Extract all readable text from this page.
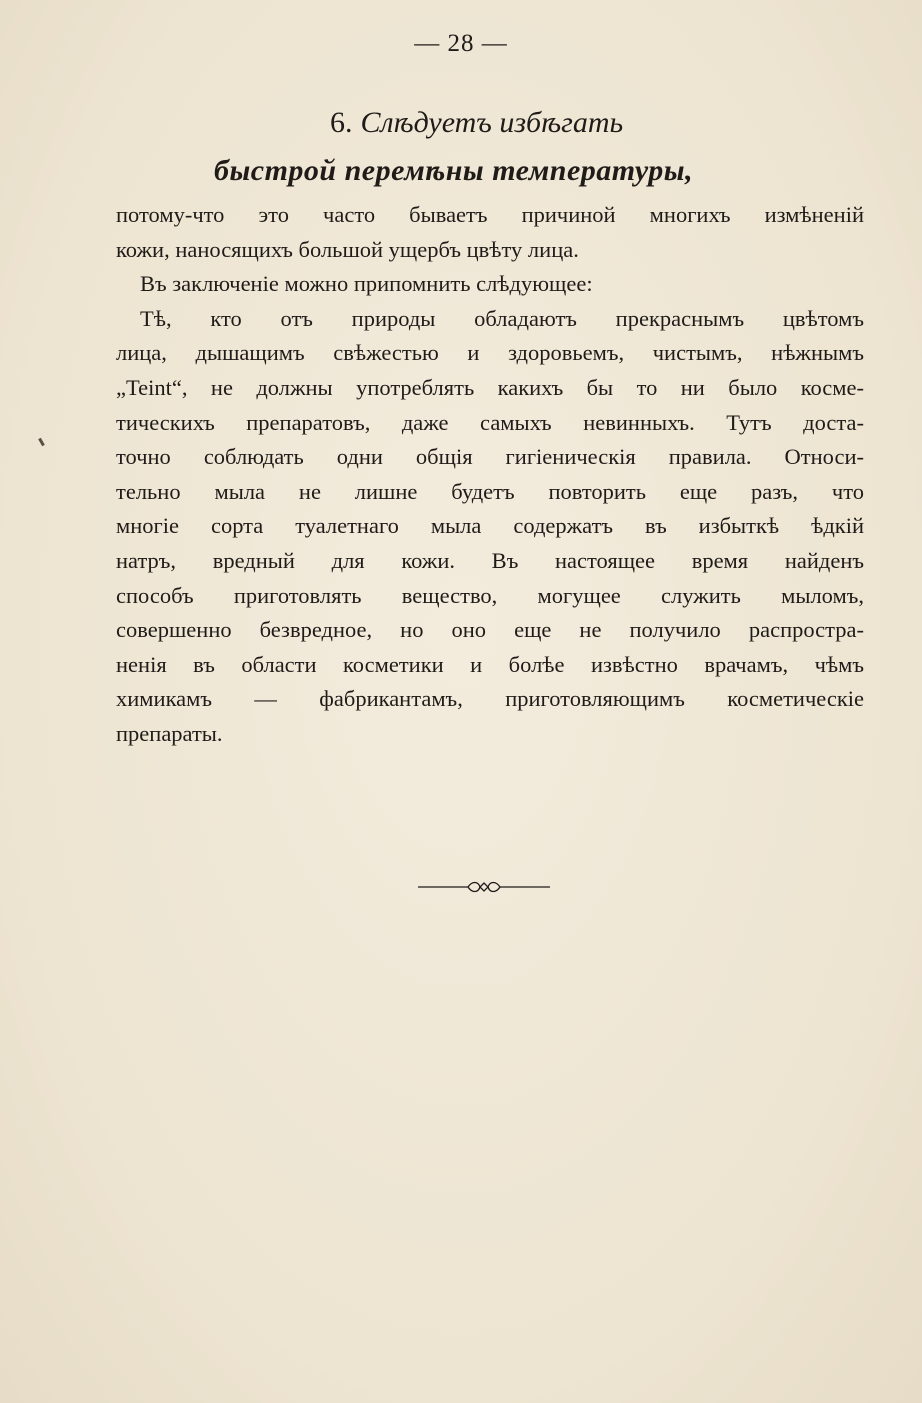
— 28 —
6. Слѣдуетъ избѣгать
быстрой перемѣны температуры,
потому-что это часто бываетъ причиной многихъ измѣненій
кожи, наносящихъ большой ущербъ цвѣту лица.
Въ заключеніе можно припомнить слѣдующее:
Тѣ, кто отъ природы обладаютъ прекраснымъ цвѣтомъ
лица, дышащимъ свѣжестью и здоровьемъ, чистымъ, нѣжнымъ
„Teint“, не должны употреблять какихъ бы то ни было космe-
тическихъ препаратовъ, даже самыхъ невинныхъ. Тутъ доста-
точно соблюдать одни общія гигіеническія правила. Относи-
тельно мыла не лишне будетъ повторить еще разъ, что
многіе сорта туалетнаго мыла содержатъ въ избыткѣ ѣдкій
натръ, вредный для кожи. Въ настоящее время найденъ
способъ приготовлять вещество, могущее служить мыломъ,
совершенно безвредное, но оно еще не получило распростра-
ненія въ области косметики и болѣе извѣстно врачамъ, чѣмъ
химикамъ — фабрикантамъ, приготовляющимъ косметическіе
препараты.
